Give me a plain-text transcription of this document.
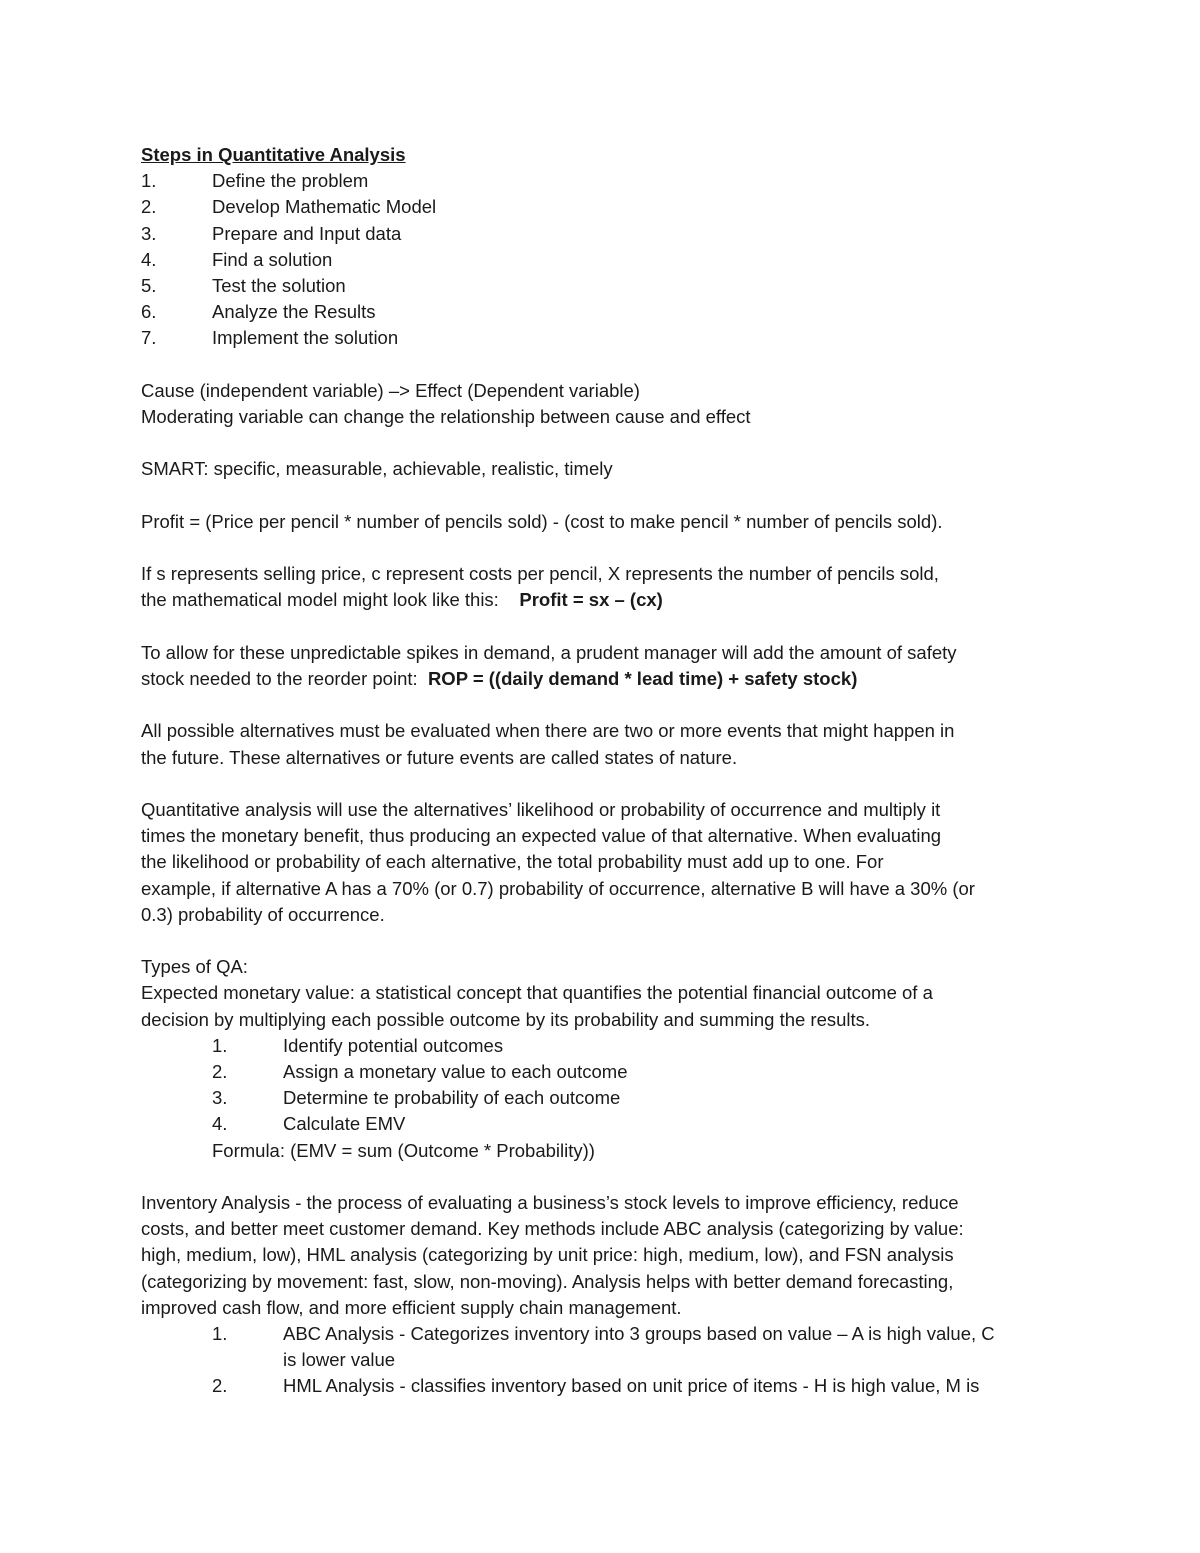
Steps in Quantitative Analysis
1.	Define the problem
2.	Develop Mathematic Model
3.	Prepare and Input data
4.	Find a solution
5.	Test the solution
6.	Analyze the Results
7.	Implement the solution
Cause (independent variable) –> Effect (Dependent variable)
Moderating variable can change the relationship between cause and effect
SMART: specific, measurable, achievable, realistic, timely
Profit = (Price per pencil * number of pencils sold) - (cost to make pencil * number of pencils sold).
If s represents selling price, c represent costs per pencil, X represents the number of pencils sold,
the mathematical model might look like this: Profit = sx – (cx)
To allow for these unpredictable spikes in demand, a prudent manager will add the amount of safety
stock needed to the reorder point: ROP = ((daily demand * lead time) + safety stock)
All possible alternatives must be evaluated when there are two or more events that might happen in
the future. These alternatives or future events are called states of nature.
Quantitative analysis will use the alternatives’ likelihood or probability of occurrence and multiply it
times the monetary benefit, thus producing an expected value of that alternative. When evaluating
the likelihood or probability of each alternative, the total probability must add up to one. For
example, if alternative A has a 70% (or 0.7) probability of occurrence, alternative B will have a 30% (or
0.3) probability of occurrence.
Types of QA:
Expected monetary value: a statistical concept that quantifies the potential financial outcome of a
decision by multiplying each possible outcome by its probability and summing the results.
1.	Identify potential outcomes
2.	Assign a monetary value to each outcome
3.	Determine te probability of each outcome
4.	Calculate EMV
Formula: (EMV = sum (Outcome * Probability))
Inventory Analysis - the process of evaluating a business’s stock levels to improve efficiency, reduce
costs, and better meet customer demand. Key methods include ABC analysis (categorizing by value:
high, medium, low), HML analysis (categorizing by unit price: high, medium, low), and FSN analysis
(categorizing by movement: fast, slow, non-moving). Analysis helps with better demand forecasting,
improved cash flow, and more efficient supply chain management.
1.	ABC Analysis - Categorizes inventory into 3 groups based on value – A is high value, C
is lower value
2.	HML Analysis - classifies inventory based on unit price of items - H is high value, M is
